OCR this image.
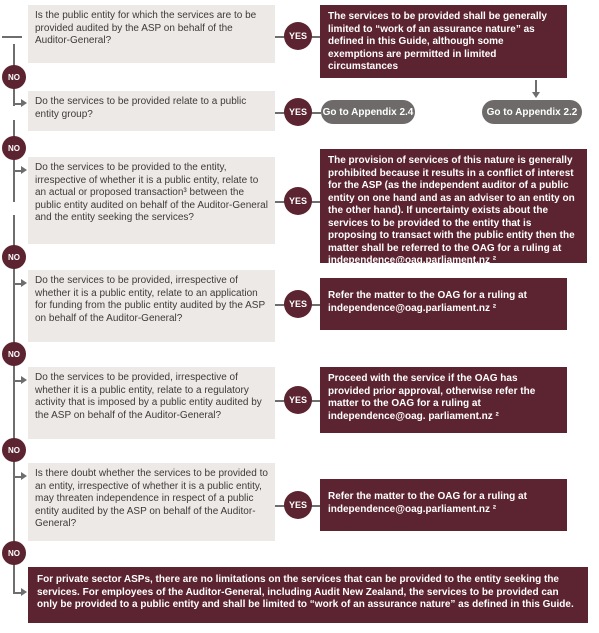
Is the public entity for which the services are to be provided audited by the ASP on behalf of the Auditor-General?
Do the services to be provided relate to a public entity group?
Do the services to be provided to the entity, irrespective of whether it is a public entity, relate to an actual or proposed transaction³ between the public entity audited on behalf of the Auditor-General and the entity seeking the services?
Do the services to be provided, irrespective of whether it is a public entity, relate to an application for funding from the public entity audited by the ASP on behalf of the Auditor-General?
Do the services to be provided, irrespective of whether it is a public entity, relate to a regulatory activity that is imposed by a public entity audited by the ASP on behalf of the Auditor-General?
Is there doubt whether the services to be provided to an entity, irrespective of whether it is a public entity, may threaten independence in respect of a public entity audited by the ASP on behalf of the Auditor-General?
YES
YES
YES
YES
YES
YES
NO
NO
NO
NO
NO
NO
The services to be provided shall be generally limited to “work of an assurance nature” as defined in this Guide, although some exemptions are permitted in limited circumstances
Go to Appendix 2.4	Go to Appendix 2.2
The provision of services of this nature is generally prohibited because it results in a conflict of interest for the ASP (as the independent auditor of a public entity on one hand and as an adviser to an entity on the other hand). If uncertainty exists about the services to be provided to the entity that is proposing to transact with the public entity then the matter shall be referred to the OAG for a ruling at independence@oag.parliament.nz ²
Refer the matter to the OAG for a ruling at independence@oag.parliament.nz ²
Proceed with the service if the OAG has provided prior approval, otherwise refer the matter to the OAG for a ruling at independence@oag. parliament.nz ²
Refer the matter to the OAG for a ruling at independence@oag.parliament.nz ²
For private sector ASPs, there are no limitations on the services that can be provided to the entity seeking the services. For employees of the Auditor-General, including Audit New Zealand, the services to be provided can only be provided to a public entity and shall be limited to “work of an assurance nature” as defined in this Guide.
